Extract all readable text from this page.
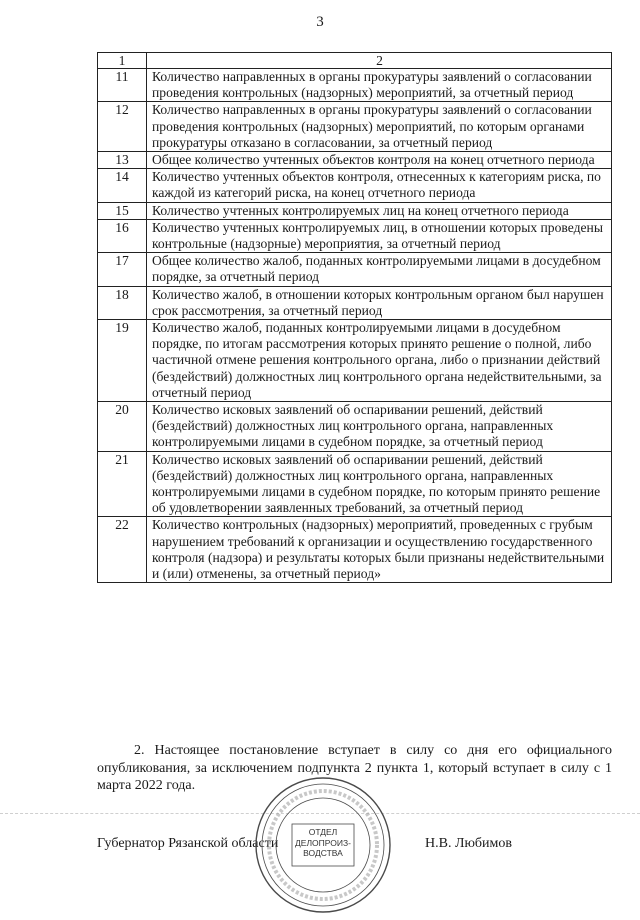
3
1	2
11	Количество направленных в органы прокуратуры заявлений о согласовании проведения контрольных (надзорных) мероприятий, за отчетный период
12	Количество направленных в органы прокуратуры заявлений о согласовании проведения контрольных (надзорных) мероприятий, по которым органами прокуратуры отказано в согласовании, за отчетный период
13	Общее количество учтенных объектов контроля на конец отчетного периода
14	Количество учтенных объектов контроля, отнесенных к категориям риска, по каждой из категорий риска, на конец отчетного периода
15	Количество учтенных контролируемых лиц на конец отчетного периода
16	Количество учтенных контролируемых лиц, в отношении которых проведены контрольные (надзорные) мероприятия, за отчетный период
17	Общее количество жалоб, поданных контролируемыми лицами в досудебном порядке, за отчетный период
18	Количество жалоб, в отношении которых контрольным органом был нарушен срок рассмотрения, за отчетный период
19	Количество жалоб, поданных контролируемыми лицами в досудебном порядке, по итогам рассмотрения которых принято решение о полной, либо частичной отмене решения контрольного органа, либо о признании действий (бездействий) должностных лиц контрольного органа недействительными, за отчетный период
20	Количество исковых заявлений об оспаривании решений, действий (бездействий) должностных лиц контрольного органа, направленных контролируемыми лицами в судебном порядке, за отчетный период
21	Количество исковых заявлений об оспаривании решений, действий (бездействий) должностных лиц контрольного органа, направленных контролируемыми лицами в судебном порядке, по которым принято решение об удовлетворении заявленных требований, за отчетный период
22	Количество контрольных (надзорных) мероприятий, проведенных с грубым нарушением требований к организации и осуществлению государственного контроля (надзора) и результаты которых были признаны недействительными и (или) отменены, за отчетный период»
2. Настоящее постановление вступает в силу со дня его официального опубликования, за исключением подпункта 2 пункта 1, который вступает в силу с 1 марта 2022 года.
Губернатор Рязанской области	Н.В. Любимов
ОТДЕЛ
ДЕЛОПРОИЗ-
ВОДСТВА
